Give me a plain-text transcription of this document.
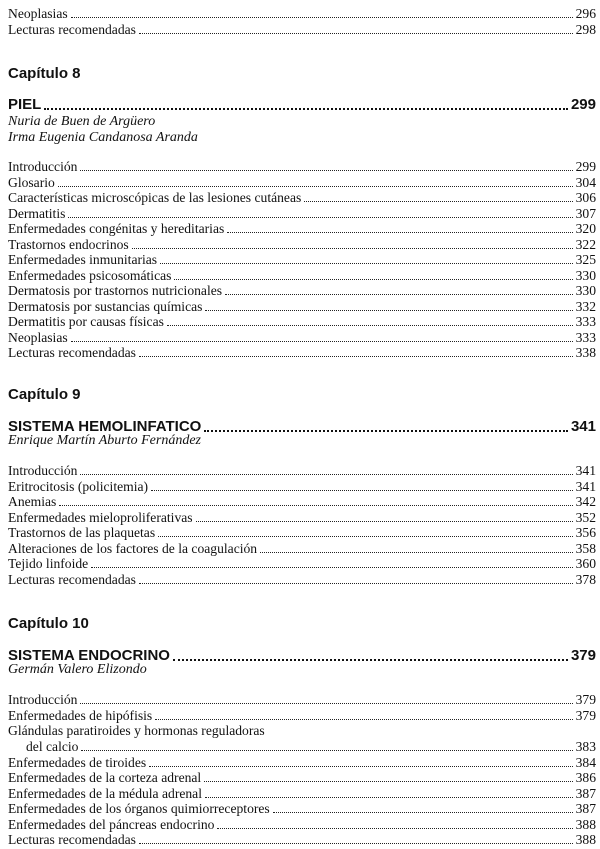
Neoplasias	296
Lecturas recomendadas	298
Capítulo 8
PIEL	299
Nuria de Buen de Argüero
Irma Eugenia Candanosa Aranda
Introducción	299
Glosario	304
Características microscópicas de las lesiones cutáneas	306
Dermatitis	307
Enfermedades congénitas y hereditarias	320
Trastornos endocrinos	322
Enfermedades inmunitarias	325
Enfermedades psicosomáticas	330
Dermatosis por trastornos nutricionales	330
Dermatosis por sustancias químicas	332
Dermatitis por causas físicas	333
Neoplasias	333
Lecturas recomendadas	338
Capítulo 9
SISTEMA HEMOLINFATICO	341
Enrique Martín Aburto Fernández
Introducción	341
Eritrocitosis (policitemia)	341
Anemias	342
Enfermedades mieloproliferativas	352
Trastornos de las plaquetas	356
Alteraciones de los factores de la coagulación	358
Tejido linfoide	360
Lecturas recomendadas	378
Capítulo 10
SISTEMA ENDOCRINO	379
Germán Valero Elizondo
Introducción	379
Enfermedades de hipófisis	379
Glándulas paratiroides y hormonas reguladoras
del calcio	383
Enfermedades de tiroides	384
Enfermedades de la corteza adrenal	386
Enfermedades de la médula adrenal	387
Enfermedades de los órganos quimiorreceptores	387
Enfermedades del páncreas endocrino	388
Lecturas recomendadas	388
